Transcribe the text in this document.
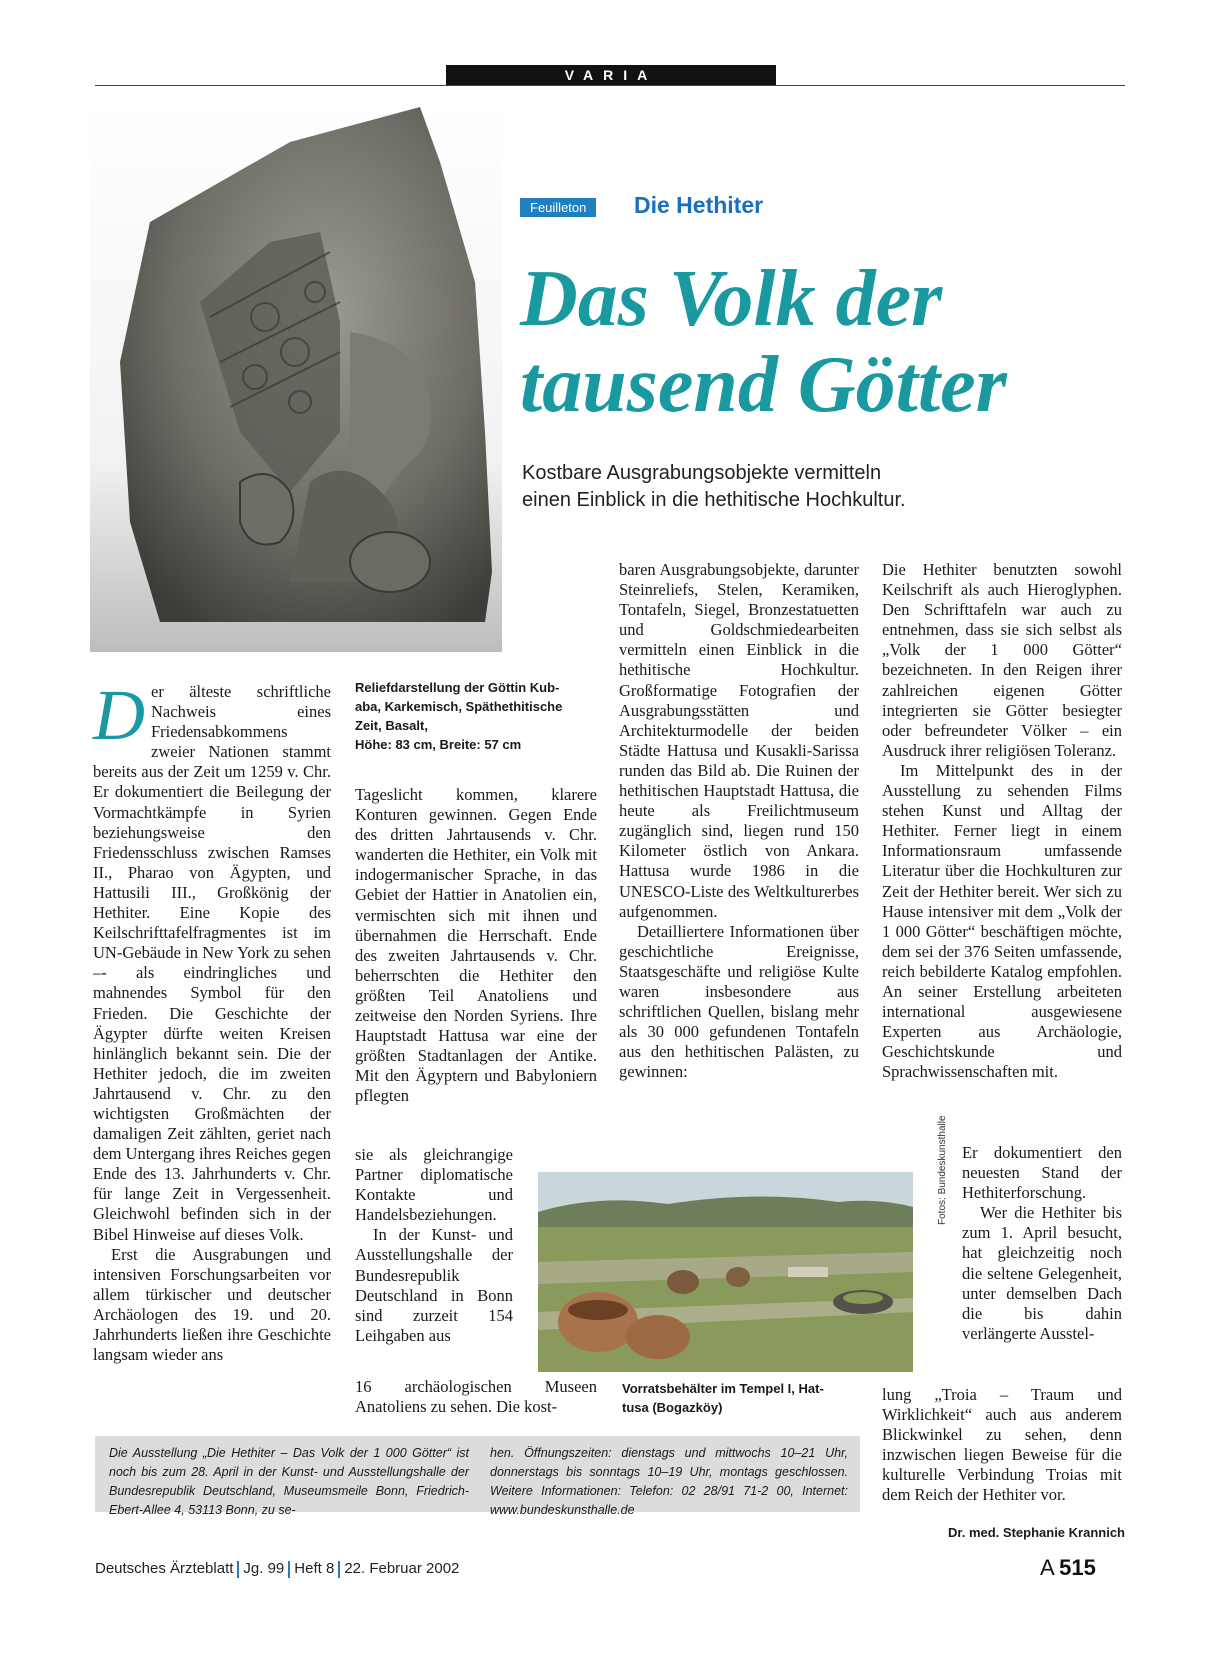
VARIA
Feuilleton	Die Hethiter
Das Volk der
tausend Götter
Kostbare Ausgrabungsobjekte vermitteln
einen Einblick in die hethitische Hochkultur.

Der älteste schriftliche Nachweis eines Friedensabkommens zweier Nationen stammt bereits aus der Zeit um 1259 v. Chr. Er dokumentiert die Beilegung der Vormachtkämpfe in Syrien beziehungsweise den Friedensschluss zwischen Ramses II., Pharao von Ägypten, und Hattusili III., Großkönig der Hethiter. Eine Kopie des Keilschrifttafelfragmentes ist im UN-Gebäude in New York zu sehen –- als eindringliches und mahnendes Symbol für den Frieden. Die Geschichte der Ägypter dürfte weiten Kreisen hinlänglich bekannt sein. Die der Hethiter jedoch, die im zweiten Jahrtausend v. Chr. zu den wichtigsten Großmächten der damaligen Zeit zählten, geriet nach dem Untergang ihres Reiches gegen Ende des 13. Jahrhunderts v. Chr. für lange Zeit in Vergessenheit. Gleichwohl befinden sich in der Bibel Hinweise auf dieses Volk.

Erst die Ausgrabungen und intensiven Forschungsarbeiten vor allem türkischer und deutscher Archäologen des 19. und 20. Jahrhunderts ließen ihre Geschichte langsam wieder ans

Reliefdarstellung der Göttin Kub-
aba, Karkemisch, Späthethitische
Zeit, Basalt,
Höhe: 83 cm, Breite: 57 cm

Tageslicht kommen, klarere Konturen gewinnen. Gegen Ende des dritten Jahrtausends v. Chr. wanderten die Hethiter, ein Volk mit indogermanischer Sprache, in das Gebiet der Hattier in Anatolien ein, vermischten sich mit ihnen und übernahmen die Herrschaft. Ende des zweiten Jahrtausends v. Chr. beherrschten die Hethiter den größten Teil Anatoliens und zeitweise den Norden Syriens. Ihre Hauptstadt Hattusa war eine der größten Stadtanlagen der Antike. Mit den Ägyptern und Babyloniern pflegten

sie als gleichrangige Partner diplomatische Kontakte und Handelsbeziehungen.

In der Kunst- und Ausstellungshalle der Bundesrepublik Deutschland in Bonn sind zurzeit 154 Leihgaben aus

16 archäologischen Museen Anatoliens zu sehen. Die kost-

baren Ausgrabungsobjekte, darunter Steinreliefs, Stelen, Keramiken, Tontafeln, Siegel, Bronzestatuetten und Goldschmiedearbeiten vermitteln einen Einblick in die hethitische Hochkultur. Großformatige Fotografien der Ausgrabungsstätten und Architekturmodelle der beiden Städte Hattusa und Kusakli-Sarissa runden das Bild ab. Die Ruinen der hethitischen Hauptstadt Hattusa, die heute als Freilichtmuseum zugänglich sind, liegen rund 150 Kilometer östlich von Ankara. Hattusa wurde 1986 in die UNESCO-Liste des Weltkulturerbes aufgenommen.

Detailliertere Informationen über geschichtliche Ereignisse, Staatsgeschäfte und religiöse Kulte waren insbesondere aus schriftlichen Quellen, bislang mehr als 30 000 gefundenen Tontafeln aus den hethitischen Palästen, zu gewinnen:

Die Hethiter benutzten sowohl Keilschrift als auch Hieroglyphen. Den Schrifttafeln war auch zu entnehmen, dass sie sich selbst als „Volk der 1 000 Götter“ bezeichneten. In den Reigen ihrer zahlreichen eigenen Götter integrierten sie Götter besiegter oder befreundeter Völker – ein Ausdruck ihrer religiösen Toleranz.

Im Mittelpunkt des in der Ausstellung zu sehenden Films stehen Kunst und Alltag der Hethiter. Ferner liegt in einem Informationsraum umfassende Literatur über die Hochkulturen zur Zeit der Hethiter bereit. Wer sich zu Hause intensiver mit dem „Volk der 1 000 Götter“ beschäftigen möchte, dem sei der 376 Seiten umfassende, reich bebilderte Katalog empfohlen. An seiner Erstellung arbeiteten international ausgewiesene Experten aus Archäologie, Geschichtskunde und Sprachwissenschaften mit.

Er dokumentiert den neuesten Stand der Hethiterforschung.

Wer die Hethiter bis zum 1. April besucht, hat gleichzeitig noch die seltene Gelegenheit, unter demselben Dach die bis dahin verlängerte Ausstel-

lung „Troia – Traum und Wirklichkeit“ auch aus anderem Blickwinkel zu sehen, denn inzwischen liegen Beweise für die kulturelle Verbindung Troias mit dem Reich der Hethiter vor.

Fotos: Bundeskunsthalle
Vorratsbehälter im Tempel I, Hat-
tusa (Bogazköy)
Die Ausstellung „Die Hethiter – Das Volk der 1 000 Götter“ ist noch bis zum 28. April in der Kunst- und Ausstellungshalle der Bundesrepublik Deutschland, Museumsmeile Bonn, Friedrich-Ebert-Allee 4, 53113 Bonn, zu se-
hen. Öffnungszeiten: dienstags und mittwochs 10–21 Uhr, donnerstags bis sonntags 10–19 Uhr, montags geschlossen. Weitere Informationen: Telefon: 02 28/91 71-2 00, Internet: www.bundeskunsthalle.de
Dr. med. Stephanie Krannich
Deutsches Ärzteblatt Jg. 99 Heft 8 22. Februar 2002	A  515
